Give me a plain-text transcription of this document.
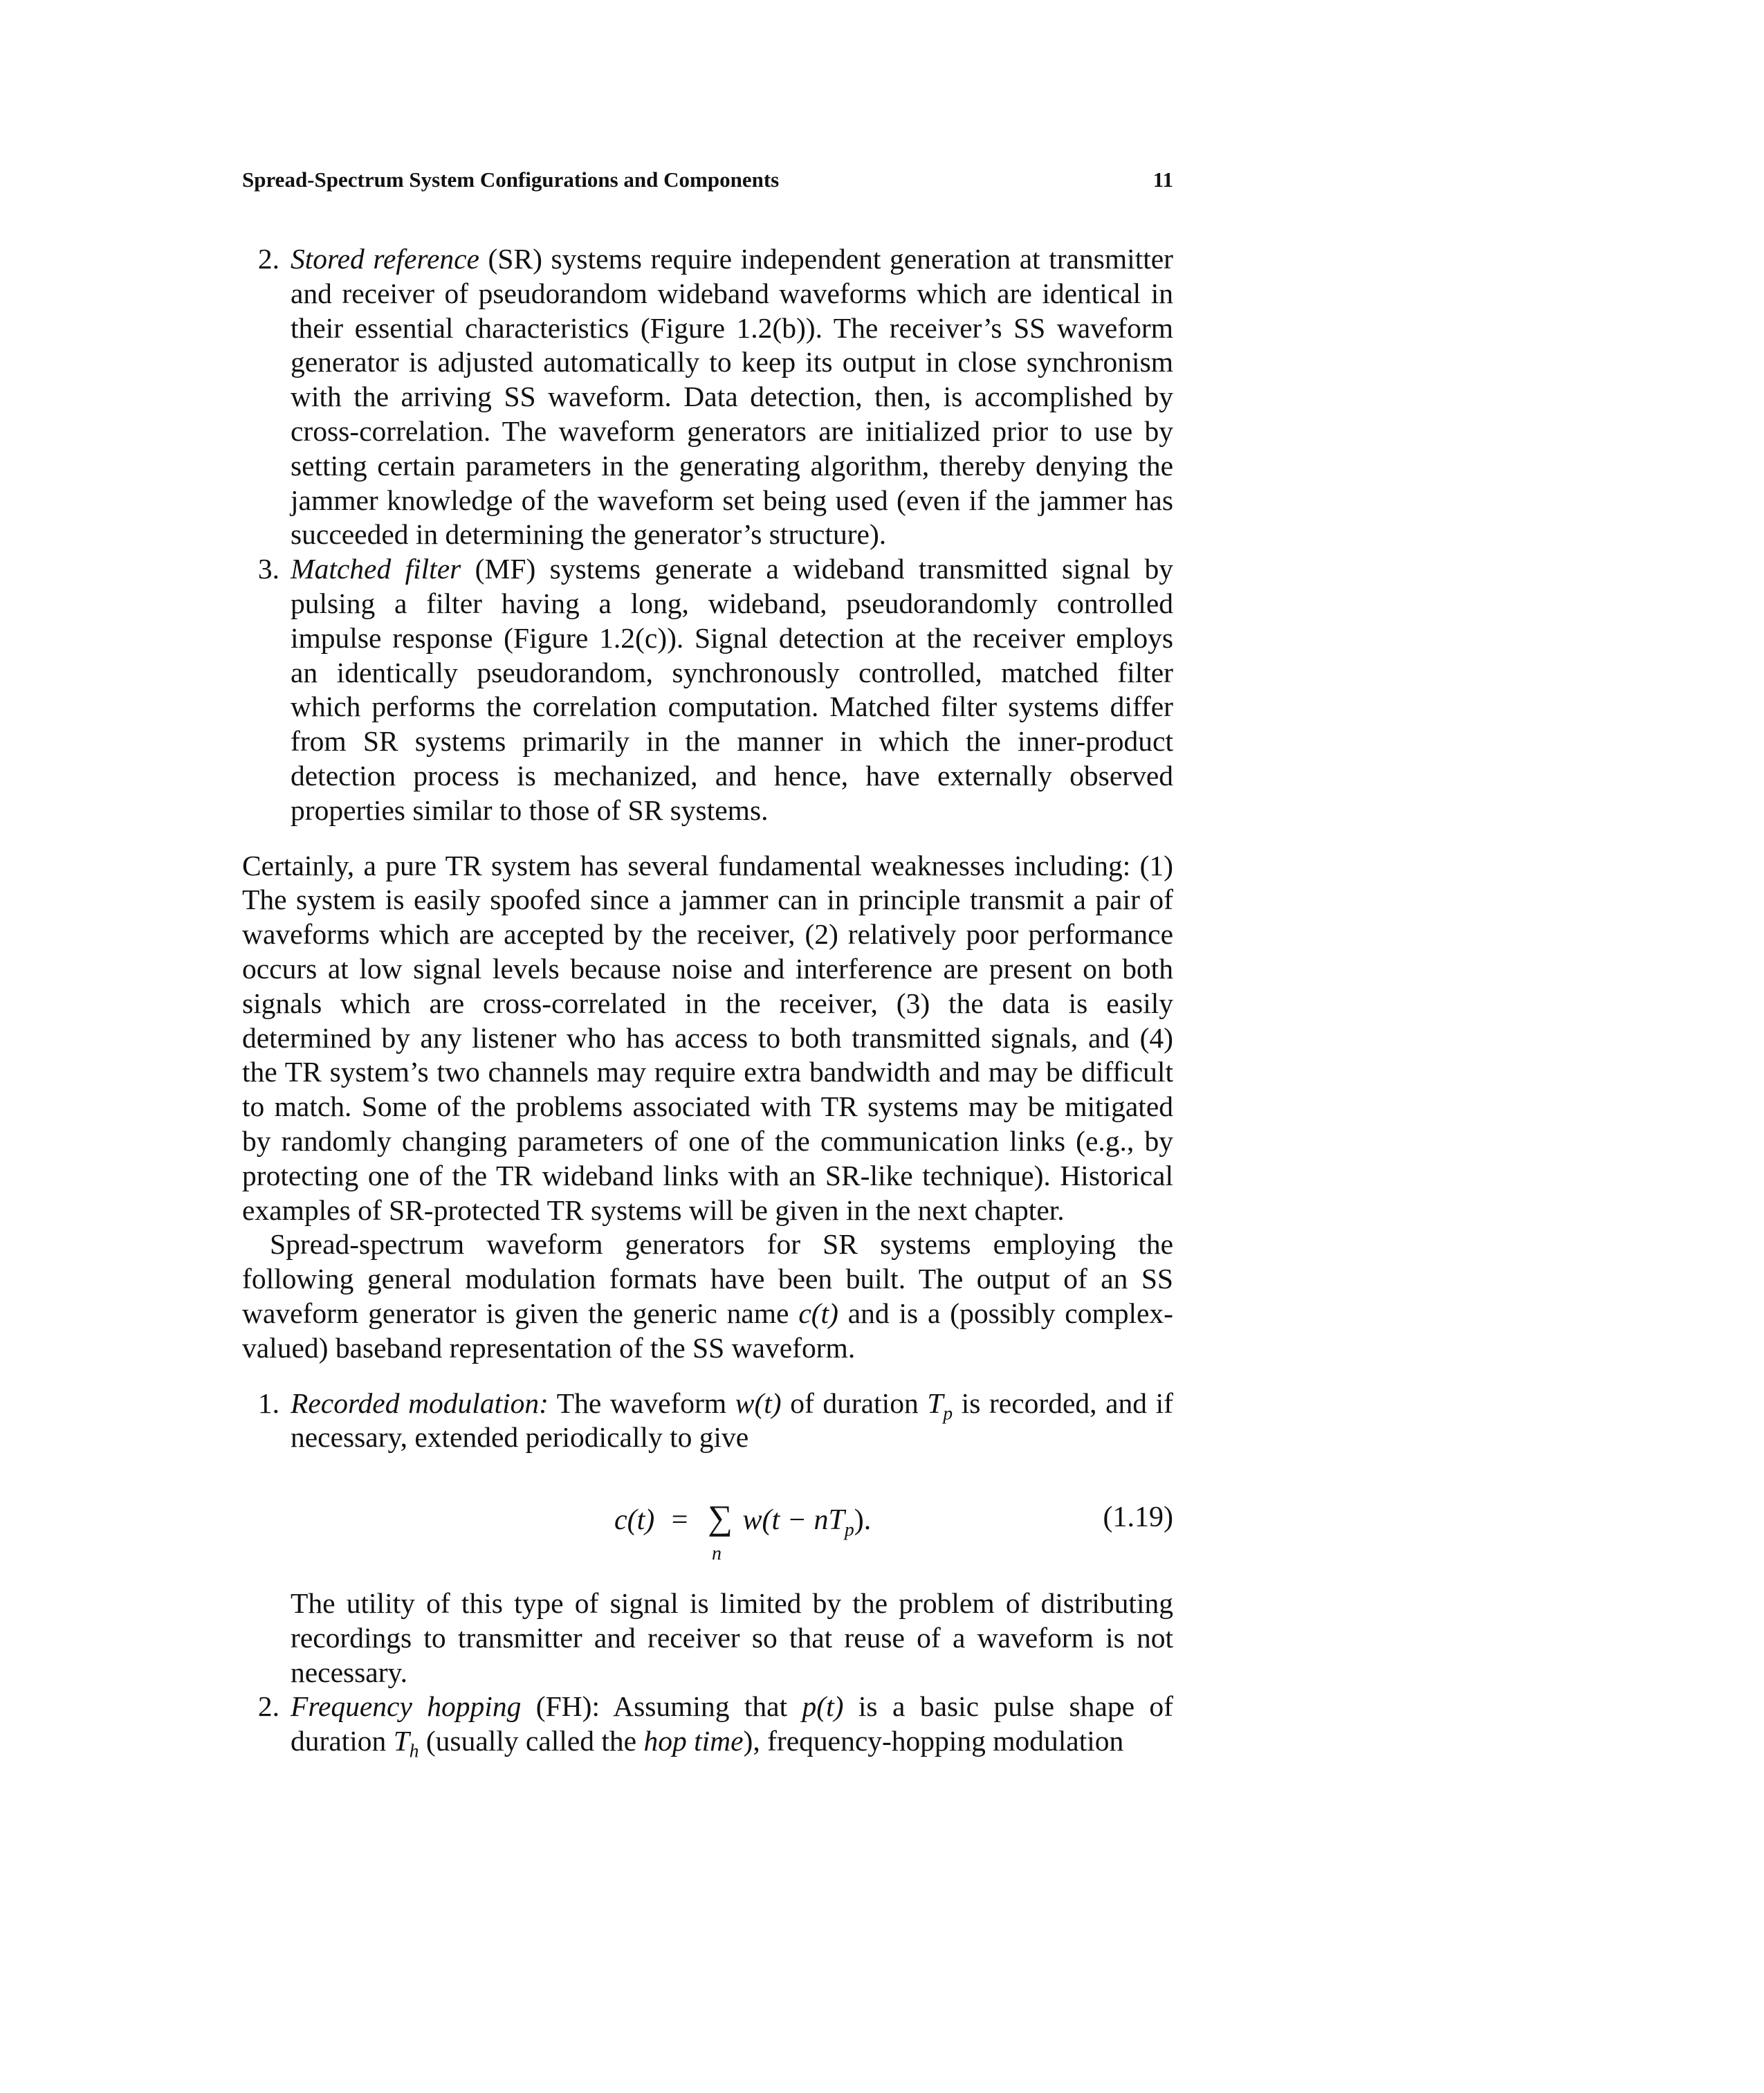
Spread-Spectrum System Configurations and Components	11
2. Stored reference (SR) systems require independent generation at transmitter and receiver of pseudorandom wideband waveforms which are identical in their essential characteristics (Figure 1.2(b)). The receiver’s SS waveform generator is adjusted automatically to keep its output in close synchronism with the arriving SS waveform. Data detection, then, is accomplished by cross-correlation. The waveform generators are initialized prior to use by setting certain parameters in the generating algorithm, thereby denying the jammer knowledge of the waveform set being used (even if the jammer has succeeded in determining the generator’s structure).
3. Matched filter (MF) systems generate a wideband transmitted signal by pulsing a filter having a long, wideband, pseudorandomly controlled impulse response (Figure 1.2(c)). Signal detection at the receiver employs an identically pseudorandom, synchronously controlled, matched filter which performs the correlation computation. Matched filter systems differ from SR systems primarily in the manner in which the inner-product detection process is mechanized, and hence, have externally observed properties similar to those of SR systems.

Certainly, a pure TR system has several fundamental weaknesses including: (1) The system is easily spoofed since a jammer can in principle transmit a pair of waveforms which are accepted by the receiver, (2) relatively poor performance occurs at low signal levels because noise and interference are present on both signals which are cross-correlated in the receiver, (3) the data is easily determined by any listener who has access to both transmitted signals, and (4) the TR system’s two channels may require extra bandwidth and may be difficult to match. Some of the problems associated with TR systems may be mitigated by randomly changing parameters of one of the communication links (e.g., by protecting one of the TR wideband links with an SR-like technique). Historical examples of SR-protected TR systems will be given in the next chapter.

Spread-spectrum waveform generators for SR systems employing the following general modulation formats have been built. The output of an SS waveform generator is given the generic name c(t) and is a (possibly complex-valued) baseband representation of the SS waveform.

1. Recorded modulation: The waveform w(t) of duration $T_p$ is recorded, and if necessary, extended periodically to give
c(t) = ∑
n
$w(t - nT_p)$.	(1.19)
The utility of this type of signal is limited by the problem of distributing recordings to transmitter and receiver so that reuse of a waveform is not necessary.
2. Frequency hopping (FH): Assuming that p(t) is a basic pulse shape of duration $T_h$ (usually called the hop time), frequency-hopping modulation
